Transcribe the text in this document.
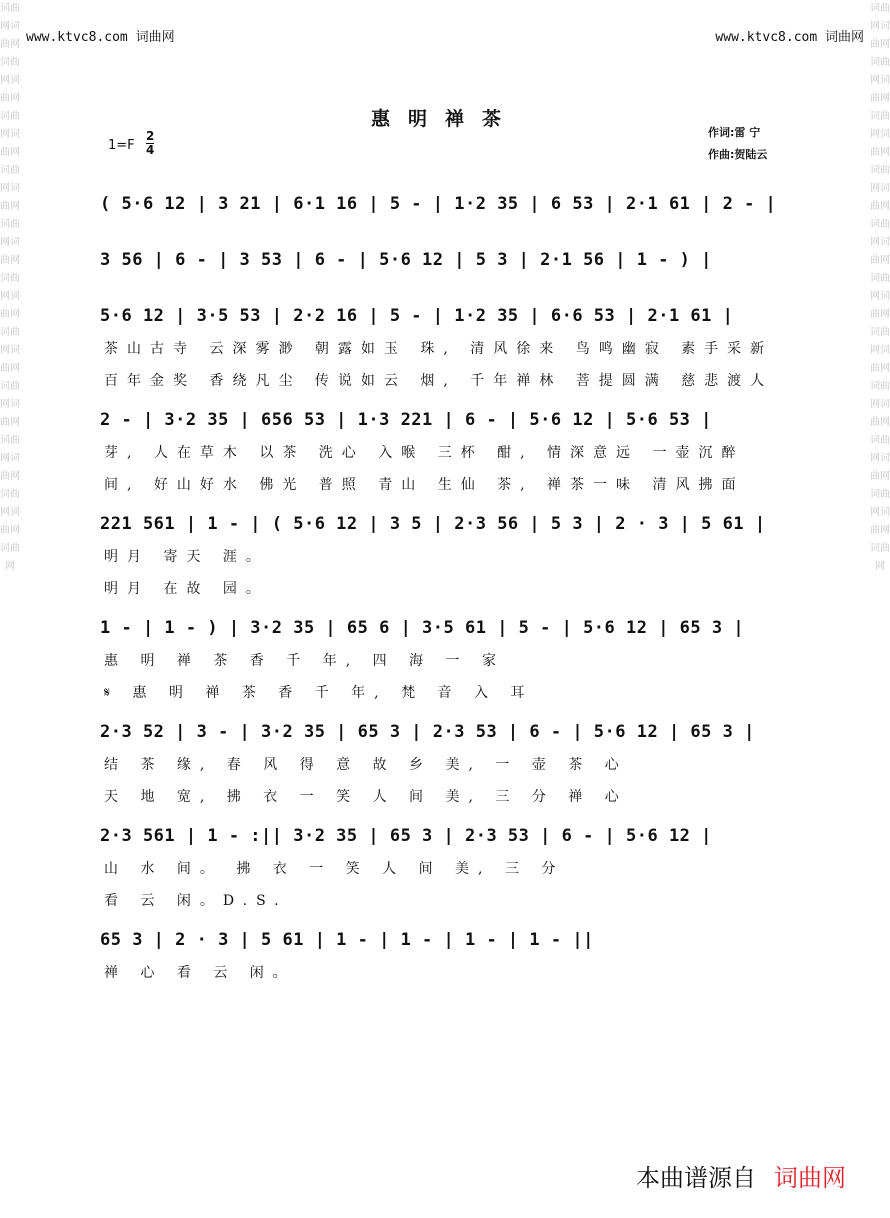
词曲网词曲网词曲网词曲网词曲网词曲网词曲网词曲网词曲网词曲网词曲网词曲网词曲网词曲网词曲网词曲网词曲网词曲网词曲网词曲网词曲网
词曲网词曲网词曲网词曲网词曲网词曲网词曲网词曲网词曲网词曲网词曲网词曲网词曲网词曲网词曲网词曲网词曲网词曲网词曲网词曲网词曲网
www.ktvc8.com 词曲网	www.ktvc8.com 词曲网
惠明禅茶
1=F
2
4
作词:雷 宁
作曲:贺陆云
( 5·6 12 | 3 21 | 6·1 16 | 5 - | 1·2 35 | 6 53 | 2·1 61 | 2 - |
3 56 | 6 - | 3 53 | 6 - | 5·6 12 | 5 3 | 2·1 56 | 1 - ) |
5·6 12 | 3·5 53 | 2·2 16 | 5 - | 1·2 35 | 6·6 53 | 2·1 61 |
茶山古寺 云深雾渺 朝露如玉 珠, 清风徐来 鸟鸣幽寂 素手采新
百年金奖 香绕凡尘 传说如云 烟, 千年禅林 菩提圆满 慈悲渡人
2 - | 3·2 35 | 656 53 | 1·3 221 | 6 - | 5·6 12 | 5·6 53 |
芽, 人在草木 以茶 洗心 入喉 三杯 酣, 情深意远 一壶沉醉
间, 好山好水 佛光 普照 青山 生仙 茶, 禅茶一味 清风拂面
221 561 | 1 - | ( 5·6 12 | 3 5 | 2·3 56 | 5 3 | 2 · 3 | 5 61 |
明月 寄天 涯。
明月 在故 园。
1 - | 1 - ) | 3·2 35 | 65 6 | 3·5 61 | 5 - | 5·6 12 | 65 3 |
惠 明 禅 茶 香 千 年, 四 海 一 家
𝄋 惠 明 禅 茶 香 千 年, 梵 音 入 耳
2·3 52 | 3 - | 3·2 35 | 65 3 | 2·3 53 | 6 - | 5·6 12 | 65 3 |
结 茶 缘, 春 风 得 意 故 乡 美, 一 壶 茶 心
天 地 宽, 拂 衣 一 笑 人 间 美, 三 分 禅 心
2·3 561 | 1 - :|| 3·2 35 | 65 3 | 2·3 53 | 6 - | 5·6 12 |
山 水 间。 拂 衣 一 笑 人 间 美, 三 分
看 云 闲。D.S.
65 3 | 2 · 3 | 5 61 | 1 - | 1 - | 1 - | 1 - ||
禅 心 看 云 闲。
本曲谱源自 词曲网
